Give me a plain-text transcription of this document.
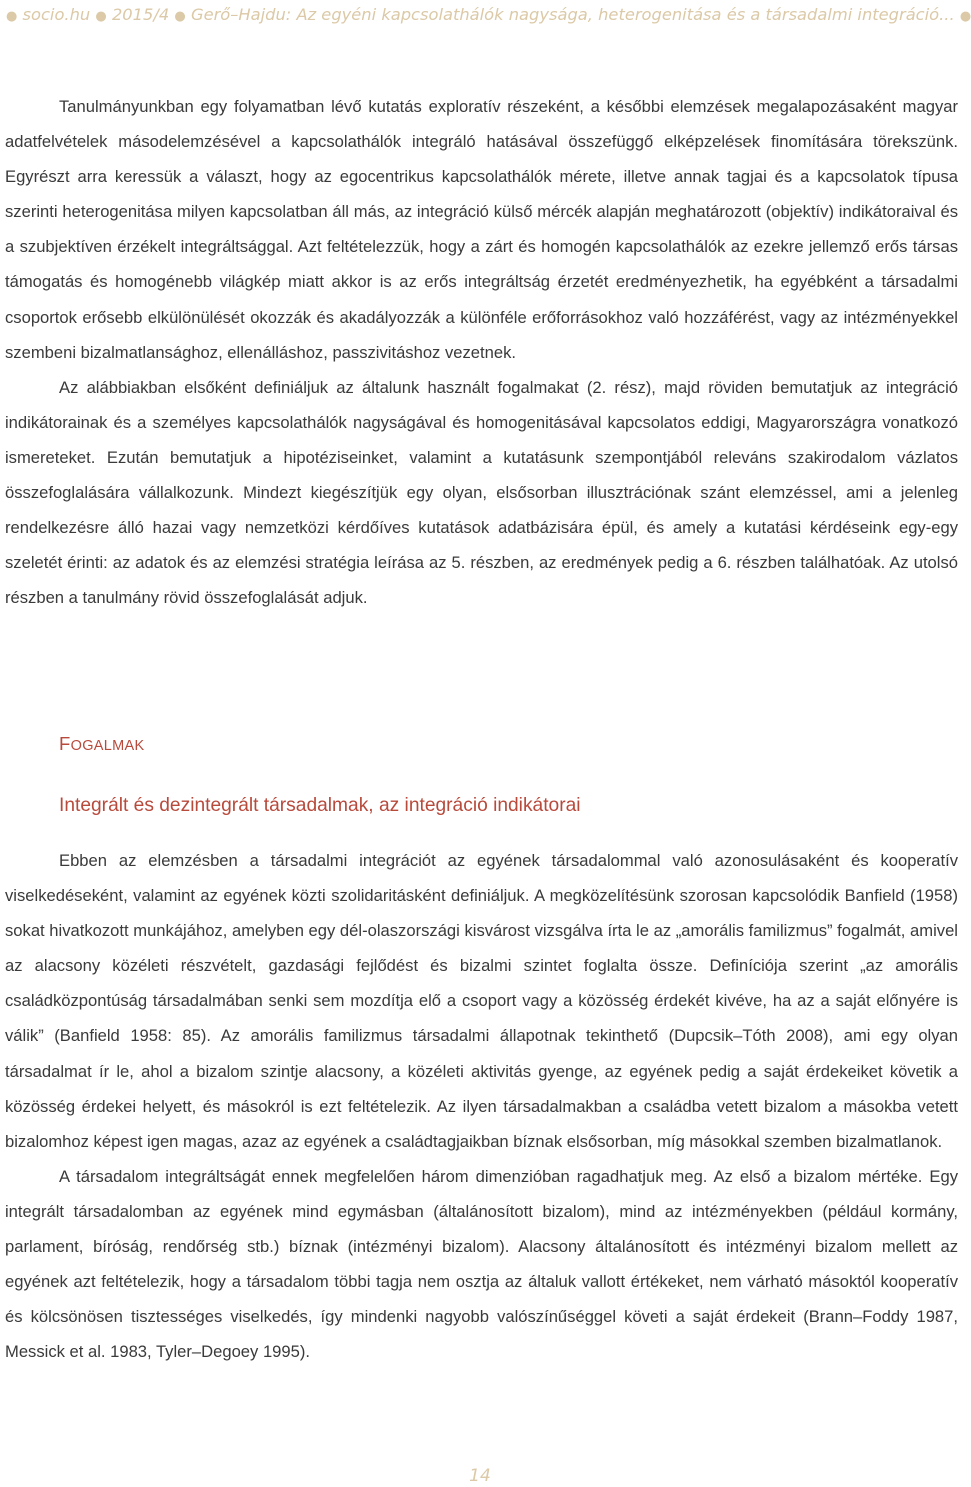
● socio.hu ● 2015/4 ● Gerő–Hajdu: Az egyéni kapcsolathálók nagysága, heterogenitása és a társadalmi integráció... ●

Tanulmányunkban egy folyamatban lévő kutatás exploratív részeként, a későbbi elemzések megalapozásaként magyar adatfelvételek másodelemzésével a kapcsolathálók integráló hatásával összefüggő elképzelések finomítására törekszünk. Egyrészt arra keressük a választ, hogy az egocentrikus kapcsolathálók mérete, illetve annak tagjai és a kapcsolatok típusa szerinti heterogenitása milyen kapcsolatban áll más, az integráció külső mércék alapján meghatározott (objektív) indikátoraival és a szubjektíven érzékelt integráltsággal. Azt feltételezzük, hogy a zárt és homogén kapcsolathálók az ezekre jellemző erős társas támogatás és homogénebb világkép miatt akkor is az erős integráltság érzetét eredményezhetik, ha egyébként a társadalmi csoportok erősebb elkülönülését okozzák és akadályozzák a különféle erőforrásokhoz való hozzáférést, vagy az intézményekkel szembeni bizalmatlansághoz, ellenálláshoz, passzivitáshoz vezetnek.

Az alábbiakban elsőként definiáljuk az általunk használt fogalmakat (2. rész), majd röviden bemutatjuk az integráció indikátorainak és a személyes kapcsolathálók nagyságával és homogenitásával kapcsolatos eddigi, Magyarországra vonatkozó ismereteket. Ezután bemutatjuk a hipotéziseinket, valamint a kutatásunk szempontjából releváns szakirodalom vázlatos összefoglalására vállalkozunk. Mindezt kiegészítjük egy olyan, elsősorban illusztrációnak szánt elemzéssel, ami a jelenleg rendelkezésre álló hazai vagy nemzetközi kérdőíves kutatások adatbázisára épül, és amely a kutatási kérdéseink egy-egy szeletét érinti: az adatok és az elemzési stratégia leírása az 5. részben, az eredmények pedig a 6. részben találhatóak. Az utolsó részben a tanulmány rövid összefoglalását adjuk.

FOGALMAK
Integrált és dezintegrált társadalmak, az integráció indikátorai

Ebben az elemzésben a társadalmi integrációt az egyének társadalommal való azonosulásaként és kooperatív viselkedéseként, valamint az egyének közti szolidaritásként definiáljuk. A megközelítésünk szorosan kapcsolódik Banfield (1958) sokat hivatkozott munkájához, amelyben egy dél-olaszországi kisvárost vizsgálva írta le az „amorális familizmus” fogalmát, amivel az alacsony közéleti részvételt, gazdasági fejlődést és bizalmi szintet foglalta össze. Definíciója szerint „az amorális családközpontúság társadalmában senki sem mozdítja elő a csoport vagy a közösség érdekét kivéve, ha az a saját előnyére is válik” (Banfield 1958: 85). Az amorális familizmus társadalmi állapotnak tekinthető (Dupcsik–Tóth 2008), ami egy olyan társadalmat ír le, ahol a bizalom szintje alacsony, a közéleti aktivitás gyenge, az egyének pedig a saját érdekeiket követik a közösség érdekei helyett, és másokról is ezt feltételezik. Az ilyen társadalmakban a családba vetett bizalom a másokba vetett bizalomhoz képest igen magas, azaz az egyének a családtagjaikban bíznak elsősorban, míg másokkal szemben bizalmatlanok.

A társadalom integráltságát ennek megfelelően három dimenzióban ragadhatjuk meg. Az első a bizalom mértéke. Egy integrált társadalomban az egyének mind egymásban (általánosított bizalom), mind az intézményekben (például kormány, parlament, bíróság, rendőrség stb.) bíznak (intézményi bizalom). Alacsony általánosított és intézményi bizalom mellett az egyének azt feltételezik, hogy a társadalom többi tagja nem osztja az általuk vallott értékeket, nem várható másoktól kooperatív és kölcsönösen tisztességes viselkedés, így mindenki nagyobb valószínűséggel követi a saját érdekeit (Brann–Foddy 1987, Messick et al. 1983, Tyler–Degoey 1995).

14
